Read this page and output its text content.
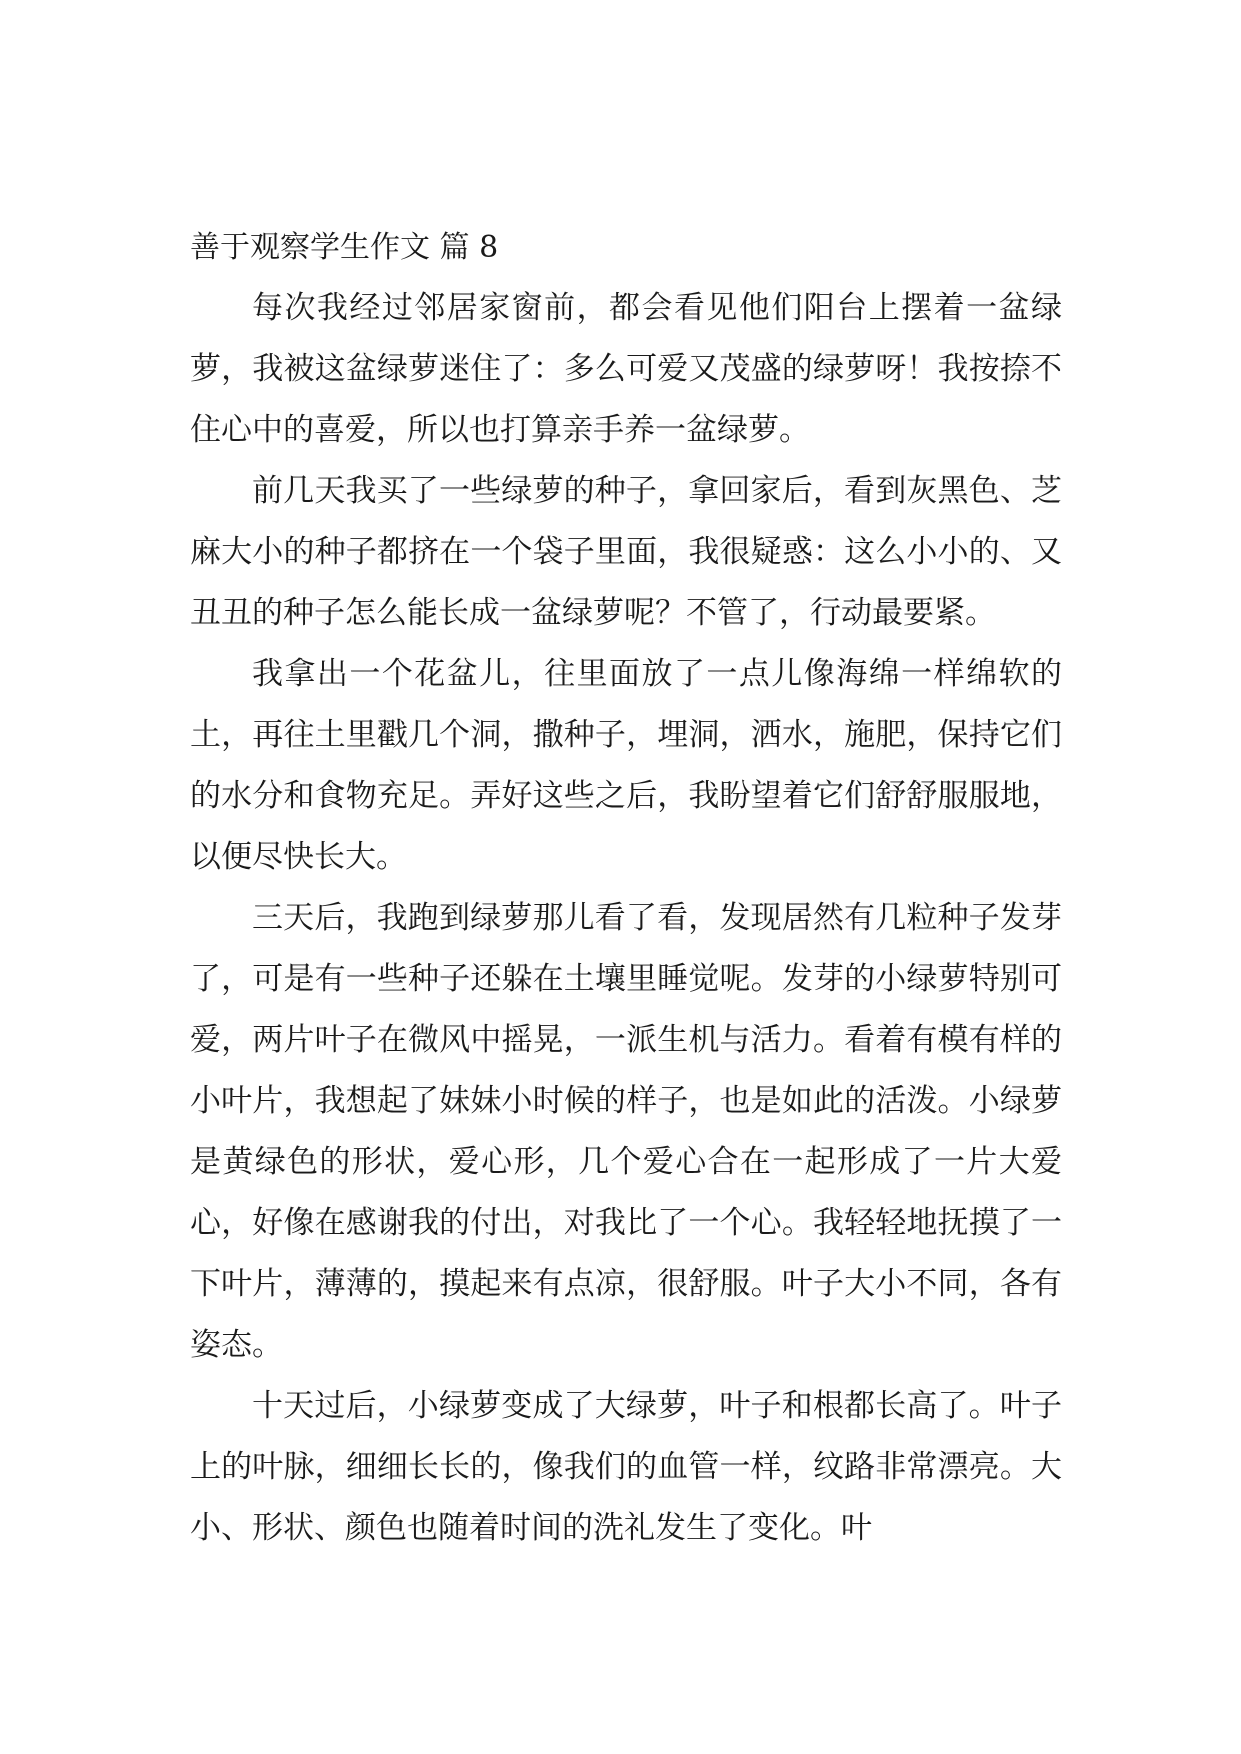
善于观察学生作文 篇 8

每次我经过邻居家窗前，都会看见他们阳台上摆着一盆绿萝，我被这盆绿萝迷住了：多么可爱又茂盛的绿萝呀！我按捺不住心中的喜爱，所以也打算亲手养一盆绿萝。

前几天我买了一些绿萝的种子，拿回家后，看到灰黑色、芝麻大小的种子都挤在一个袋子里面，我很疑惑：这么小小的、又丑丑的种子怎么能长成一盆绿萝呢？不管了，行动最要紧。

我拿出一个花盆儿，往里面放了一点儿像海绵一样绵软的土，再往土里戳几个洞，撒种子，埋洞，洒水，施肥，保持它们的水分和食物充足。弄好这些之后，我盼望着它们舒舒服服地，以便尽快长大。

三天后，我跑到绿萝那儿看了看，发现居然有几粒种子发芽了，可是有一些种子还躲在土壤里睡觉呢。发芽的小绿萝特别可爱，两片叶子在微风中摇晃，一派生机与活力。看着有模有样的小叶片，我想起了妹妹小时候的样子，也是如此的活泼。小绿萝是黄绿色的形状，爱心形，几个爱心合在一起形成了一片大爱心，好像在感谢我的付出，对我比了一个心。我轻轻地抚摸了一下叶片，薄薄的，摸起来有点凉，很舒服。叶子大小不同，各有姿态。

十天过后，小绿萝变成了大绿萝，叶子和根都长高了。叶子上的叶脉，细细长长的，像我们的血管一样，纹路非常漂亮。大小、形状、颜色也随着时间的洗礼发生了变化。叶
